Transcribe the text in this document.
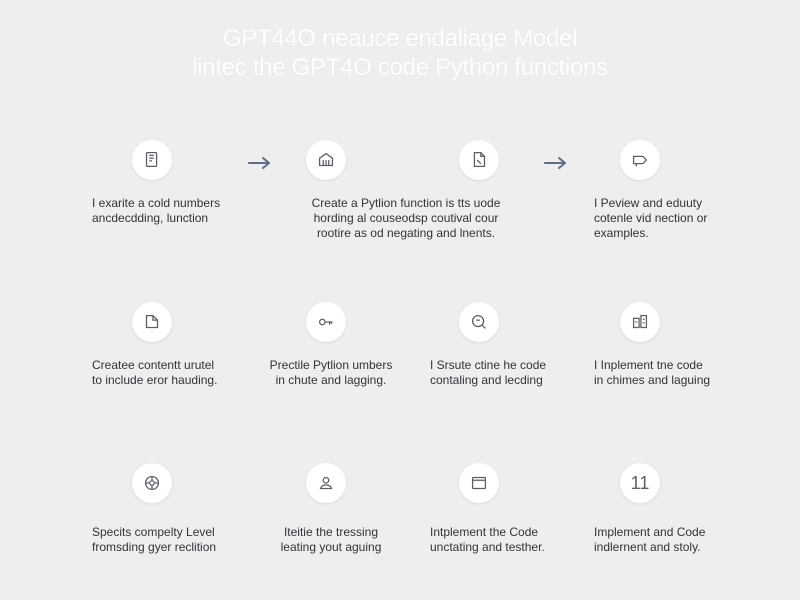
GPT44O neauce endaliage Model
lintec the GPT4O code Python functions
I exarite a cold numbers
ancdecdding, lunction
Create a Pytlion function is tts uode
hording al couseodsp coutival cour
rootire as od negating and lnents.
I Peview and eduuty
cotenle vid nection or
examples.
Createe contentt urutel
to include eror hauding.
Prectile Pytlion umbers
in chute and lagging.
I Srsute ctine he code
contaling and lecding
I Inplement tne code
in chimes and laguing
11
Specits compelty Level
fromsding gyer reclition
Iteitie the tressing
leating yout aguing
Intplement the Code
unctating and testher.
Implement and Code
indlernent and stoly.
